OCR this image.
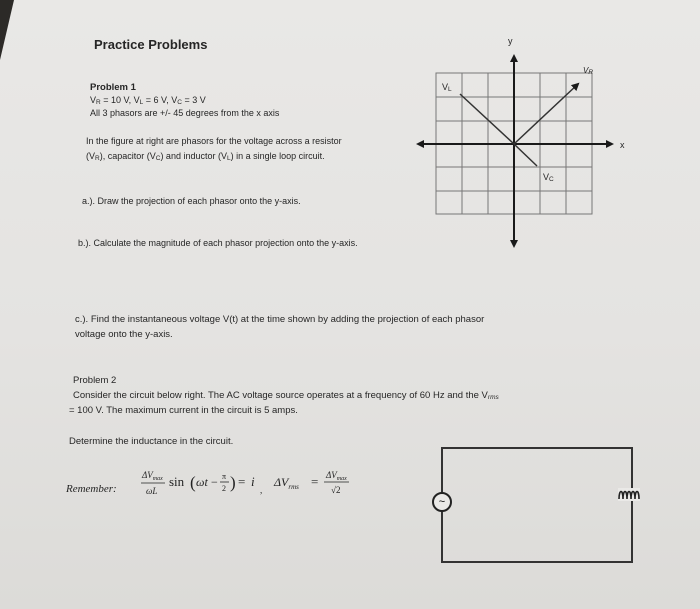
Practice Problems
Problem 1
VR = 10 V, VL = 6 V, VC = 3 V
All 3 phasors are +/- 45 degrees from the x axis
In the figure at right are phasors for the voltage across a resistor
(VR), capacitor (VC) and inductor (VL) in a single loop circuit.
a.). Draw the projection of each phasor onto the y-axis.
b.). Calculate the magnitude of each phasor projection onto the y-axis.
c.). Find the instantaneous voltage V(t) at the time shown by adding the projection of each phasor
voltage onto the y-axis.
y
x
VL
VC
VR
Problem 2
Consider the circuit below right. The AC voltage source operates at a frequency of 60 Hz and the Vrms
= 100 V. The maximum current in the circuit is 5 amps.
Determine the inductance in the circuit.
Remember:
$\Delta V_{max}$
ωL
sin ( ωt − π
2 ) = i
,
$\Delta V_{rms} = \Delta V_{max}$
√2
~
